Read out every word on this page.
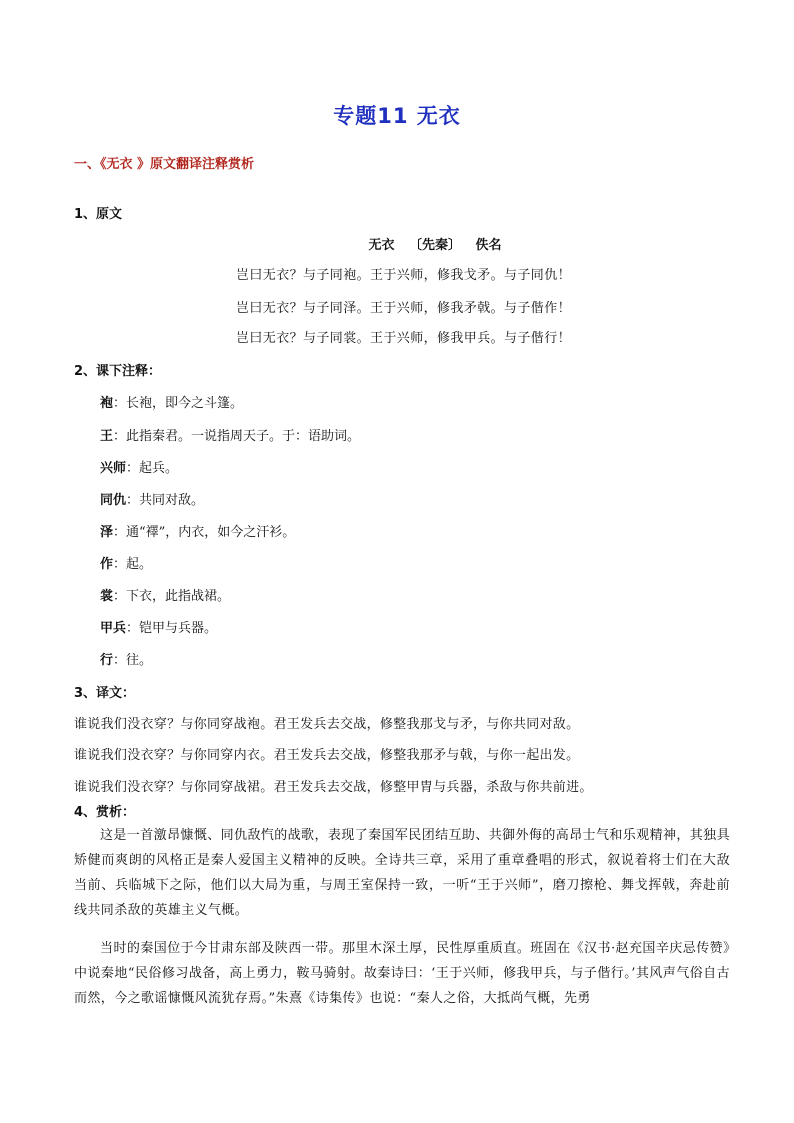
专题11 无衣
一、《无衣 》原文翻译注释赏析
1、原文
无衣 〔先秦〕 佚名
岂曰无衣？与子同袍。王于兴师，修我戈矛。与子同仇！
岂曰无衣？与子同泽。王于兴师，修我矛戟。与子偕作！
岂曰无衣？与子同裳。王于兴师，修我甲兵。与子偕行！
2、课下注释：
袍：长袍，即今之斗篷。
王：此指秦君。一说指周天子。于：语助词。
兴师：起兵。
同仇：共同对敌。
泽：通“襗”，内衣，如今之汗衫。
作：起。
裳：下衣，此指战裙。
甲兵：铠甲与兵器。
行：往。
3、译文：
谁说我们没衣穿？与你同穿战袍。君王发兵去交战，修整我那戈与矛，与你共同对敌。
谁说我们没衣穿？与你同穿内衣。君王发兵去交战，修整我那矛与戟，与你一起出发。
谁说我们没衣穿？与你同穿战裙。君王发兵去交战，修整甲胄与兵器，杀敌与你共前进。
4、赏析：
这是一首激昂慷慨、同仇敌忾的战歌，表现了秦国军民团结互助、共御外侮的高昂士气和乐观精神，其独具矫健而爽朗的风格正是秦人爱国主义精神的反映。全诗共三章，采用了重章叠唱的形式，叙说着将士们在大敌当前、兵临城下之际，他们以大局为重，与周王室保持一致，一听“王于兴师”，磨刀擦枪、舞戈挥戟，奔赴前线共同杀敌的英雄主义气概。
当时的秦国位于今甘肃东部及陕西一带。那里木深土厚，民性厚重质直。班固在《汉书·赵充国辛庆忌传赞》中说秦地“民俗修习战备，高上勇力，鞍马骑射。故秦诗曰：‘王于兴师，修我甲兵，与子偕行。’其风声气俗自古而然，今之歌谣慷慨风流犹存焉。”朱熹《诗集传》也说：“秦人之俗，大抵尚气概，先勇
